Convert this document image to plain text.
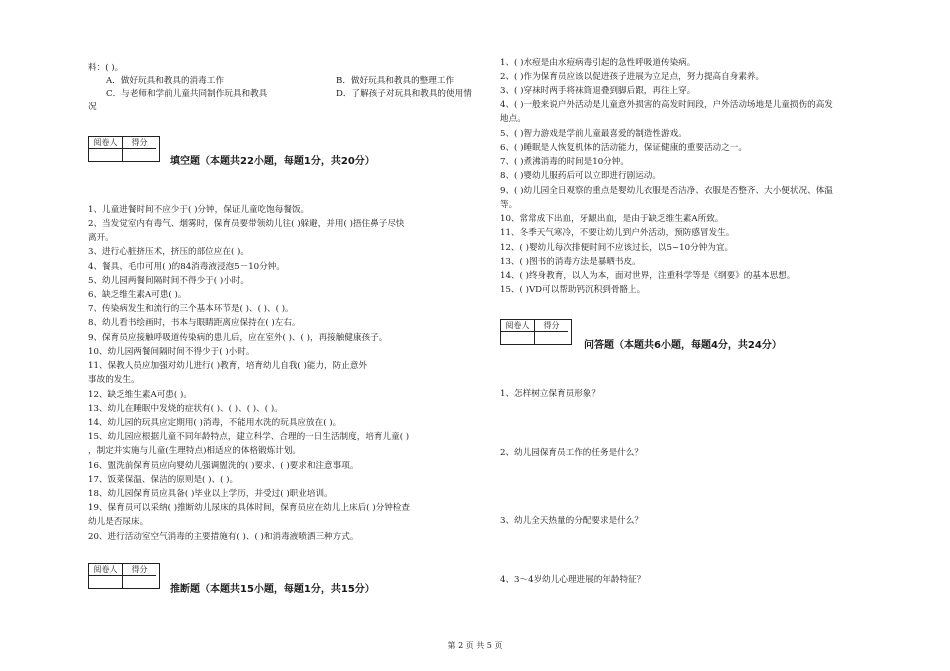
料：( )。
A．做好玩具和教具的消毒工作	B．做好玩具和教具的整理工作
C．与老师和学前儿童共同制作玩具和教具	D．了解孩子对玩具和教具的使用情
况
阅卷人	得分
填空题（本题共22小题，每题1分，共20分）
1、儿童进餐时间不应少于( )分钟，保证儿童吃饱每餐饭。
2、当发觉室内有毒气、烟雾时，保育员要带领幼儿往( )躲避，并用( )捂住鼻子尽快
离开。
3、进行心脏挤压术，挤压的部位应在( )。
4、餐具、毛巾可用( )的84消毒液浸泡5－10分钟。
5、幼儿园两餐间隔时间不得少于( )小时。
6、缺乏维生素A可患( )。
7、传染病发生和流行的三个基本环节是( )、( )、( )。
8、幼儿看书绘画时，书本与眼睛距离应保持在( )左右。
9、保育员应接触呼吸道传染病的患儿后，应在室外( )、( )，再接触健康孩子。
10、幼儿园两餐间隔时间不得少于( )小时。
11、保教人员应加强对幼儿进行( )教育，培育幼儿自我( )能力，防止意外
事故的发生。
12、缺乏维生素A可患( )。
13、幼儿在睡眠中发烧的症状有( )、( )、( )、( )。
14、幼儿园的玩具应定期用( )消毒，不能用水洗的玩具应放在( )。
15、幼儿园应根据儿童不同年龄特点，建立科学、合理的一日生活制度，培育儿童( )
，制定并实施与儿童(生理特点)相适应的体格锻炼计划。
16、盥洗前保育员应向婴幼儿强调盥洗的( )要求、( )要求和注意事项。
17、饭菜保温、保洁的原则是( )、( )。
18、幼儿园保育员应具备( )毕业以上学历，并受过( )职业培训。
19、保育员可以采纳( )推断幼儿尿床的具体时间，保育员应在幼儿上床后( )分钟检查
幼儿是否尿床。
20、进行活动室空气消毒的主要措施有( )、( )和消毒液喷洒三种方式。
阅卷人	得分
推断题（本题共15小题，每题1分，共15分）
1、( )水痘是由水痘病毒引起的急性呼吸道传染病。
2、( )作为保育员应该以促进孩子进展为立足点，努力提高自身素养。
3、( )穿袜时两手将袜筒退叠到脚后跟，再往上穿。
4、( )一般来说户外活动是儿童意外损害的高发时间段，户外活动场地是儿童损伤的高发
地点。
5、( )智力游戏是学前儿童最喜爱的制造性游戏。
6、( )睡眠是人恢复机体的活动能力，保证健康的重要活动之一。
7、( )煮沸消毒的时间是10分钟。
8、( )婴幼儿服药后可以立即进行剧运动。
9、( )幼儿园全日观察的重点是婴幼儿衣服是否洁净、衣服是否整齐、大小便状况、体温
等。
10、常常成下出血，牙龈出血，是由于缺乏维生素A所致。
11、冬季天气寒冷，不要让幼儿到户外活动，预防感冒发生。
12、( )婴幼儿每次排便时间不应该过长，以5~10分钟为宜。
13、( )图书的消毒方法是暴晒书皮。
14、( )终身教育，以人为本，面对世界，注重科学等是《纲要》的基本思想。
15、( )VD可以帮助钙沉积到骨骼上。
阅卷人	得分
问答题（本题共6小题，每题4分，共24分）
1、怎样树立保育员形象？
2、幼儿园保育员工作的任务是什么？
3、幼儿全天热量的分配要求是什么？
4、3～4岁幼儿心理进展的年龄特征？
第 2 页 共 5 页
